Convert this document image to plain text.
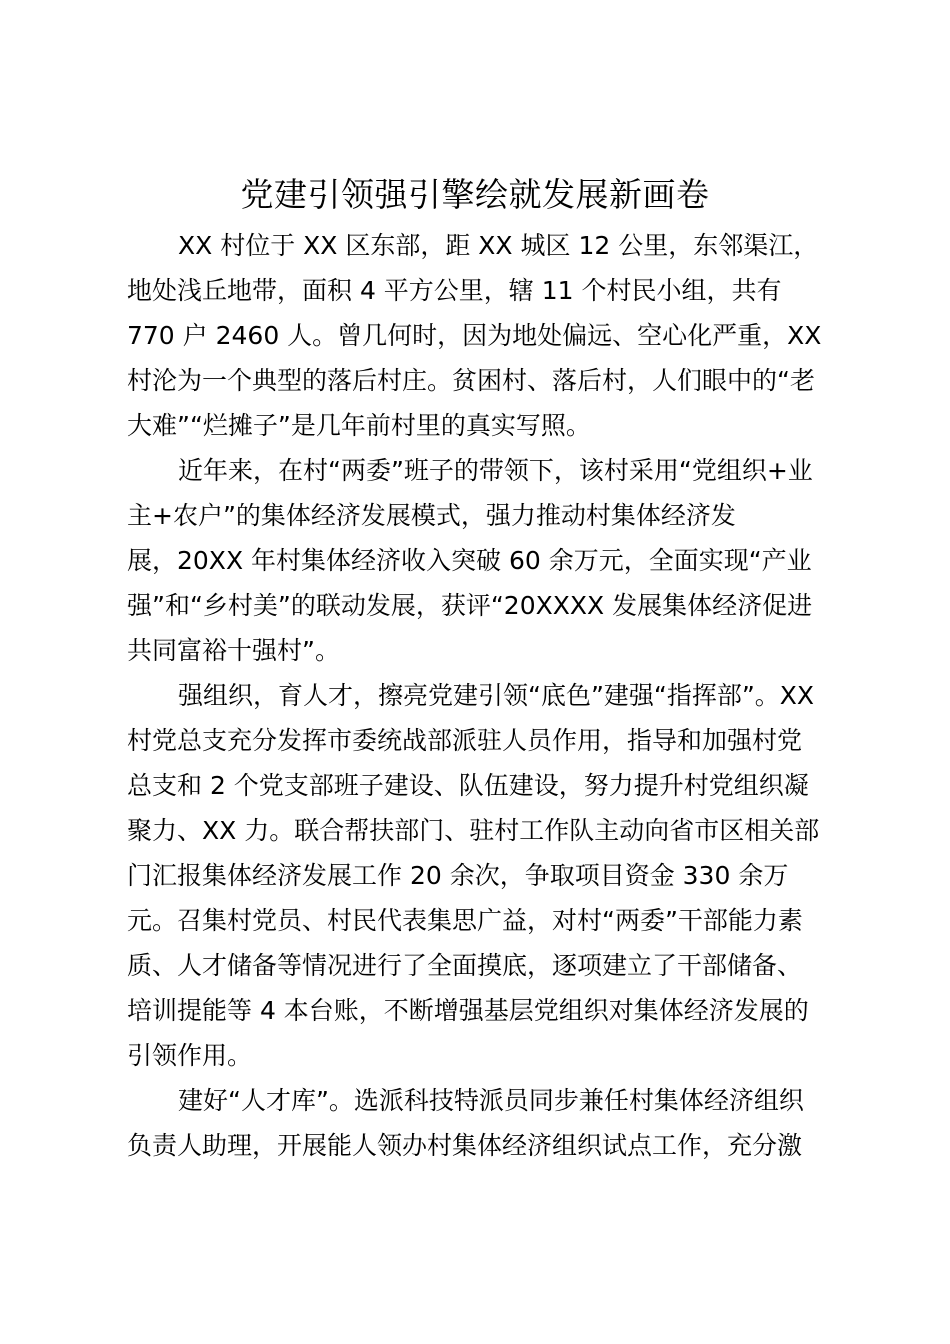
党建引领强引擎绘就发展新画卷
XX 村位于 XX 区东部，距 XX 城区 12 公里，东邻渠江，
地处浅丘地带，面积 4 平方公里，辖 11 个村民小组，共有
770 户 2460 人。曾几何时，因为地处偏远、空心化严重，XX
村沦为一个典型的落后村庄。贫困村、落后村，人们眼中的“老
大难”“烂摊子”是几年前村里的真实写照。
近年来，在村“两委”班子的带领下，该村采用“党组织+业
主+农户”的集体经济发展模式，强力推动村集体经济发
展，20XX 年村集体经济收入突破 60 余万元，全面实现“产业
强”和“乡村美”的联动发展，获评“20XXXX 发展集体经济促进
共同富裕十强村”。
强组织，育人才，擦亮党建引领“底色”建强“指挥部”。XX
村党总支充分发挥市委统战部派驻人员作用，指导和加强村党
总支和 2 个党支部班子建设、队伍建设，努力提升村党组织凝
聚力、XX 力。联合帮扶部门、驻村工作队主动向省市区相关部
门汇报集体经济发展工作 20 余次，争取项目资金 330 余万
元。召集村党员、村民代表集思广益，对村“两委”干部能力素
质、人才储备等情况进行了全面摸底，逐项建立了干部储备、
培训提能等 4 本台账，不断增强基层党组织对集体经济发展的
引领作用。
建好“人才库”。选派科技特派员同步兼任村集体经济组织
负责人助理，开展能人领办村集体经济组织试点工作，充分激
